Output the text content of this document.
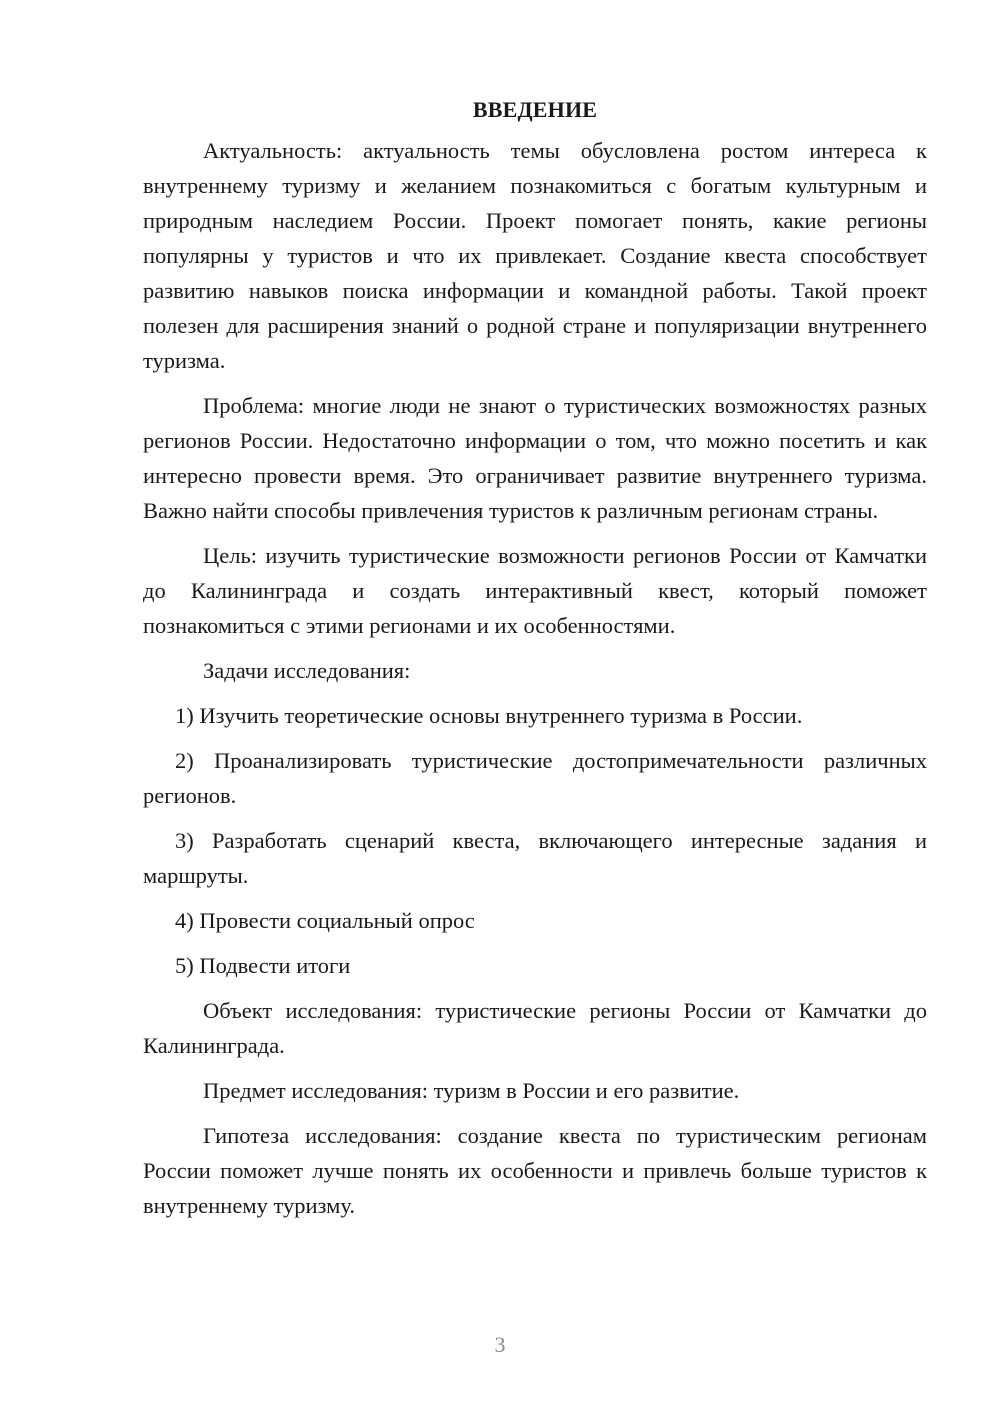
ВВЕДЕНИЕ

Актуальность: актуальность темы обусловлена ростом интереса к внутреннему туризму и желанием познакомиться с богатым культурным и природным наследием России. Проект помогает понять, какие регионы популярны у туристов и что их привлекает. Создание квеста способствует развитию навыков поиска информации и командной работы. Такой проект полезен для расширения знаний о родной стране и популяризации внутреннего туризма.

Проблема: многие люди не знают о туристических возможностях разных регионов России. Недостаточно информации о том, что можно посетить и как интересно провести время. Это ограничивает развитие внутреннего туризма. Важно найти способы привлечения туристов к различным регионам страны.

Цель: изучить туристические возможности регионов России от Камчатки до Калининграда и создать интерактивный квест, который поможет познакомиться с этими регионами и их особенностями.

Задачи исследования:

1) Изучить теоретические основы внутреннего туризма в России.

2) Проанализировать туристические достопримечательности различных регионов.

3) Разработать сценарий квеста, включающего интересные задания и маршруты.

4) Провести социальный опрос

5) Подвести итоги

Объект исследования: туристические регионы России от Камчатки до Калининграда.

Предмет исследования: туризм в России и его развитие.

Гипотеза исследования: создание квеста по туристическим регионам России поможет лучше понять их особенности и привлечь больше туристов к внутреннему туризму.

3
